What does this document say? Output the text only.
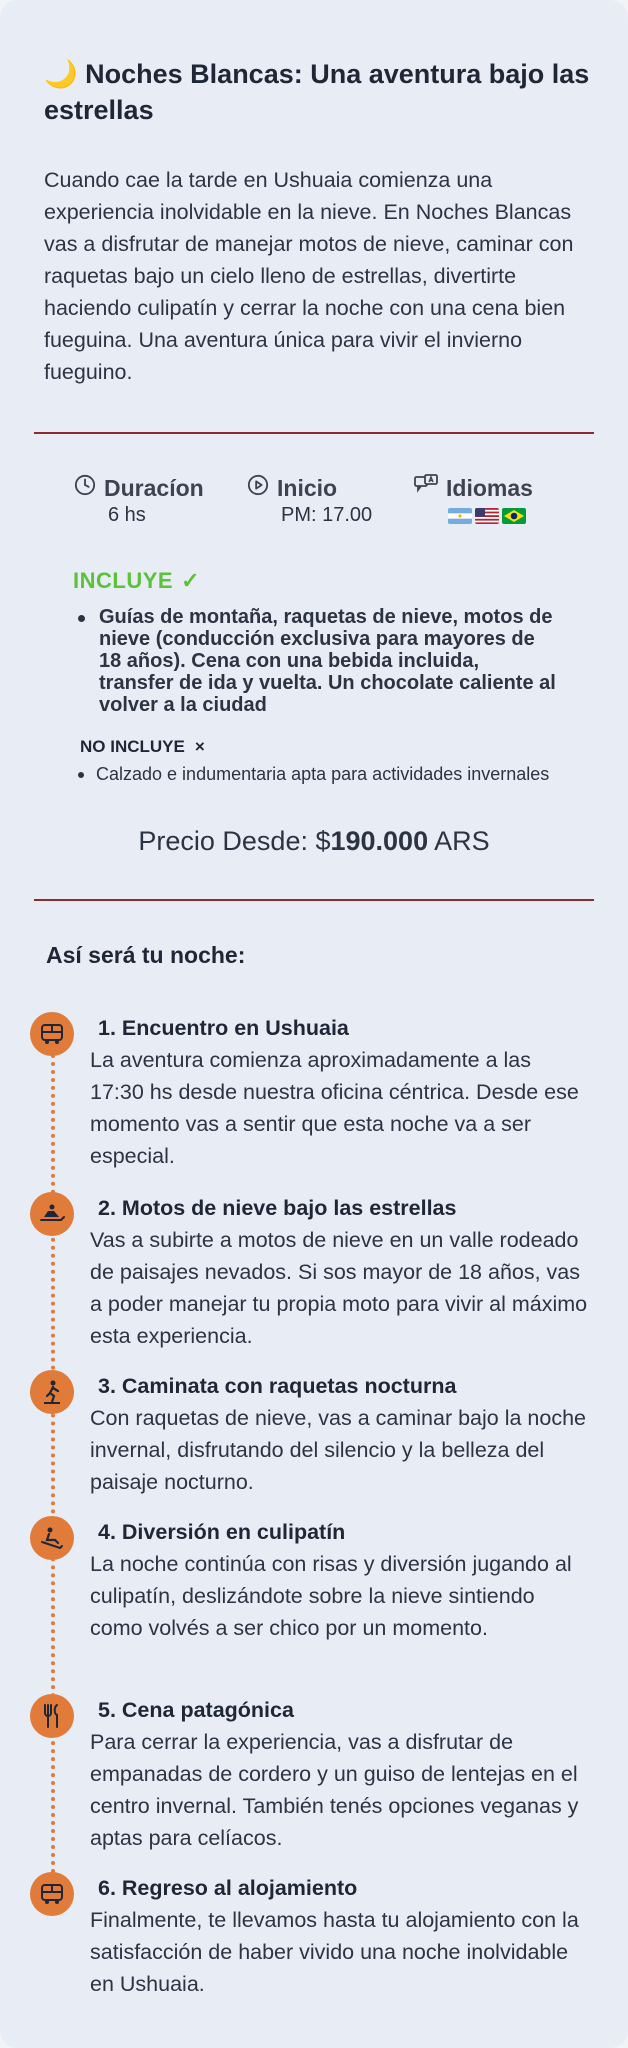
🌙 Noches Blancas: Una aventura bajo las estrellas
Cuando cae la tarde en Ushuaia comienza una experiencia inolvidable en la nieve. En Noches Blancas vas a disfrutar de manejar motos de nieve, caminar con raquetas bajo un cielo lleno de estrellas, divertirte haciendo culipatín y cerrar la noche con una cena bien fueguina. Una aventura única para vivir el invierno fueguino.
Duracíon
6 hs
Inicio
PM: 17.00
Idiomas
INCLUYE ✓
Guías de montaña, raquetas de nieve, motos de nieve (conducción exclusiva para mayores de 18 años). Cena con una bebida incluida, transfer de ida y vuelta. Un chocolate caliente al volver a la ciudad
NO INCLUYE ×
Calzado e indumentaria apta para actividades invernales
Precio Desde: $190.000 ARS
Así será tu noche:
1. Encuentro en Ushuaia
La aventura comienza aproximadamente a las 17:30 hs desde nuestra oficina céntrica. Desde ese momento vas a sentir que esta noche va a ser especial.
2. Motos de nieve bajo las estrellas
Vas a subirte a motos de nieve en un valle rodeado de paisajes nevados. Si sos mayor de 18 años, vas a poder manejar tu propia moto para vivir al máximo esta experiencia.
3. Caminata con raquetas nocturna
Con raquetas de nieve, vas a caminar bajo la noche invernal, disfrutando del silencio y la belleza del paisaje nocturno.
4. Diversión en culipatín
La noche continúa con risas y diversión jugando al culipatín, deslizándote sobre la nieve sintiendo como volvés a ser chico por un momento.
5. Cena patagónica
Para cerrar la experiencia, vas a disfrutar de empanadas de cordero y un guiso de lentejas en el centro invernal. También tenés opciones veganas y aptas para celíacos.
6. Regreso al alojamiento
Finalmente, te llevamos hasta tu alojamiento con la satisfacción de haber vivido una noche inolvidable en Ushuaia.
